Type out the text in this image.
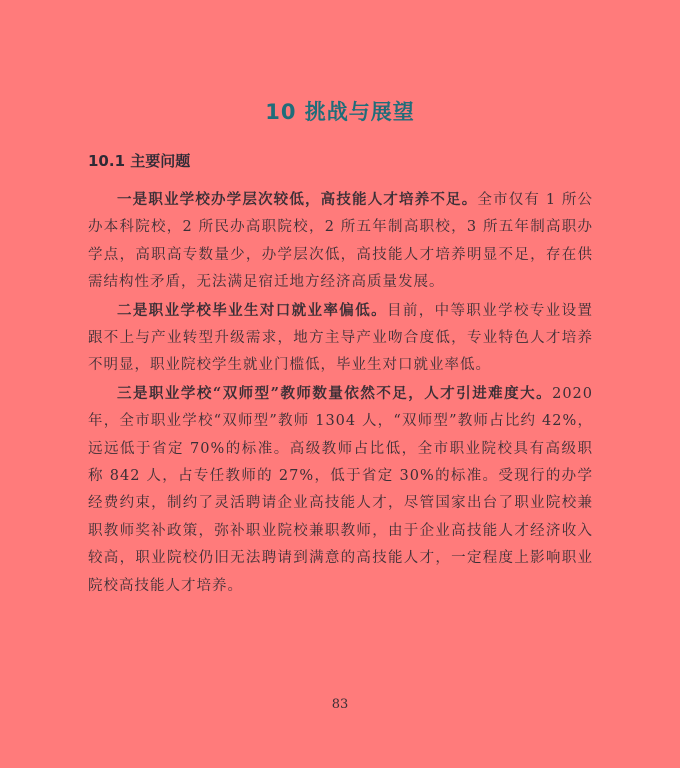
10 挑战与展望
10.1 主要问题

一是职业学校办学层次较低，高技能人才培养不足。全市仅有 1 所公办本科院校，2 所民办高职院校，2 所五年制高职校，3 所五年制高职办学点，高职高专数量少，办学层次低，高技能人才培养明显不足，存在供需结构性矛盾，无法满足宿迁地方经济高质量发展。

二是职业学校毕业生对口就业率偏低。目前，中等职业学校专业设置跟不上与产业转型升级需求，地方主导产业吻合度低，专业特色人才培养不明显，职业院校学生就业门槛低，毕业生对口就业率低。

三是职业学校“双师型”教师数量依然不足，人才引进难度大。2020 年，全市职业学校“双师型”教师 1304 人，“双师型”教师占比约 42%，远远低于省定 70%的标准。高级教师占比低，全市职业院校具有高级职称 842 人，占专任教师的 27%，低于省定 30%的标准。受现行的办学经费约束，制约了灵活聘请企业高技能人才，尽管国家出台了职业院校兼职教师奖补政策，弥补职业院校兼职教师，由于企业高技能人才经济收入较高，职业院校仍旧无法聘请到满意的高技能人才，一定程度上影响职业院校高技能人才培养。

83
